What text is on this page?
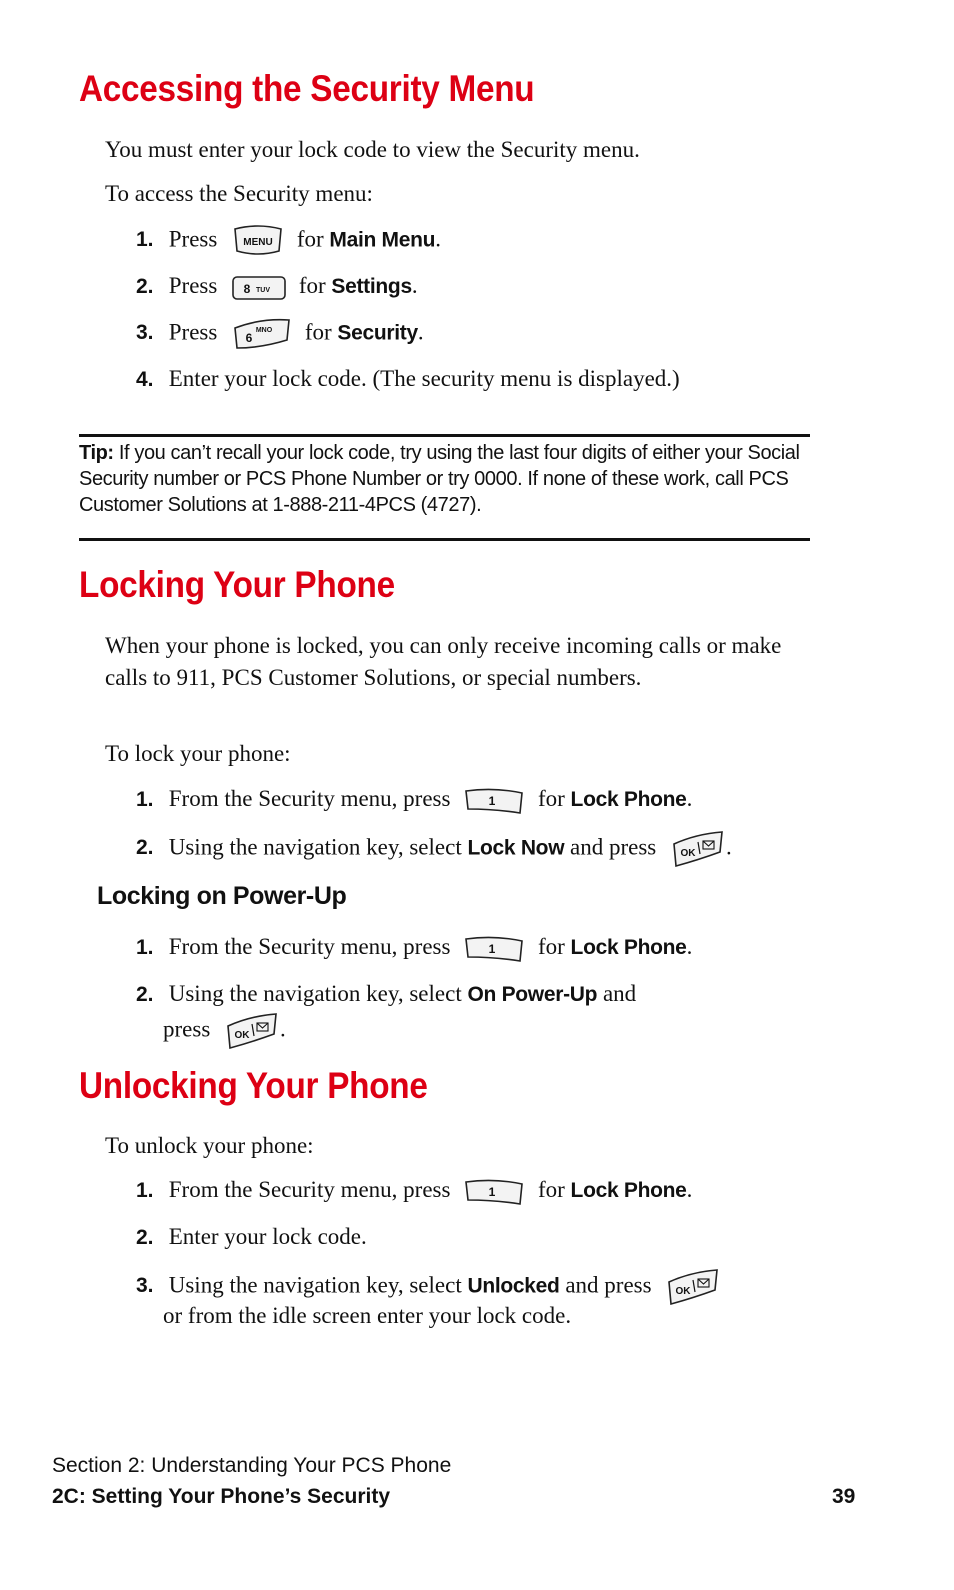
Accessing the Security Menu

You must enter your lock code to view the Security menu.

To access the Security menu:

1. Press	MENU for Main Menu.
2. Press 8 TUV for Settings.
3. Press 6
MNO for Security.
4. Enter your lock code. (The security menu is displayed.)

Tip: If you can’t recall your lock code, try using the last four digits of either your Social Security number or PCS Phone Number or try 0000. If none of these work, call PCS Customer Solutions at 1-888-211-4PCS (4727).

Locking Your Phone

When your phone is locked, you can only receive incoming calls or make calls to 911, PCS Customer Solutions, or special numbers.

To lock your phone:

1. From the Security menu, press	1 for Lock Phone.
2. Using the navigation key, select Lock Now and press OK .
Locking on Power-Up
1. From the Security menu, press	1 for Lock Phone.
2. Using the navigation key, select On Power-Up and
press OK .
Unlocking Your Phone

To unlock your phone:

1. From the Security menu, press	1 for Lock Phone.
2. Enter your lock code.
3. Using the navigation key, select Unlocked and press OK
or from the idle screen enter your lock code.
Section 2: Understanding Your PCS Phone
2C: Setting Your Phone’s Security	39
